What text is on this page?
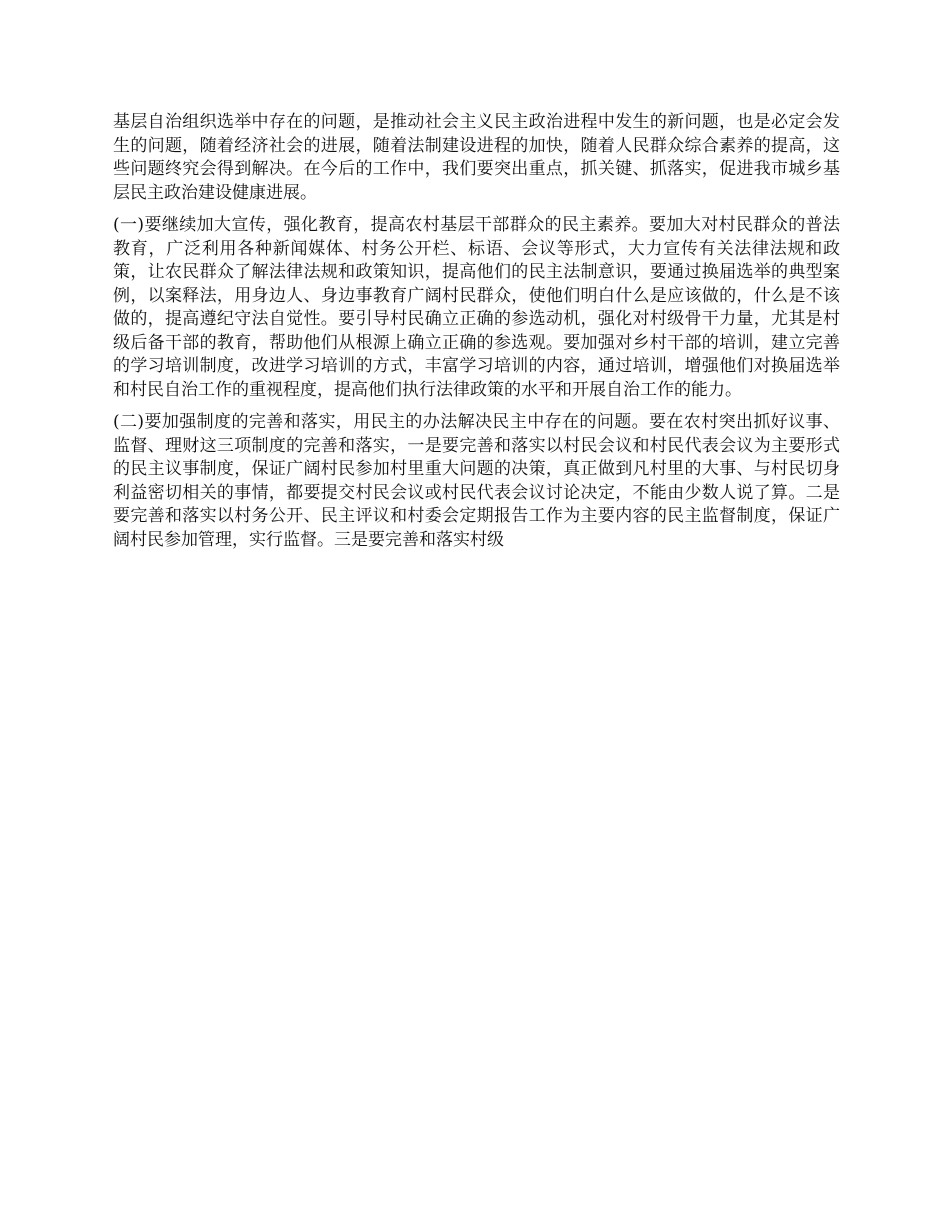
基层自治组织选举中存在的问题，是推动社会主义民主政治进程中发生的新问题，也是必定会发生的问题，随着经济社会的进展，随着法制建设进程的加快，随着人民群众综合素养的提高，这些问题终究会得到解决。在今后的工作中，我们要突出重点，抓关键、抓落实，促进我市城乡基层民主政治建设健康进展。

(一)要继续加大宣传，强化教育，提高农村基层干部群众的民主素养。要加大对村民群众的普法教育，广泛利用各种新闻媒体、村务公开栏、标语、会议等形式，大力宣传有关法律法规和政策，让农民群众了解法律法规和政策知识，提高他们的民主法制意识，要通过换届选举的典型案例，以案释法，用身边人、身边事教育广阔村民群众，使他们明白什么是应该做的，什么是不该做的，提高遵纪守法自觉性。要引导村民确立正确的参选动机，强化对村级骨干力量，尤其是村级后备干部的教育，帮助他们从根源上确立正确的参选观。要加强对乡村干部的培训，建立完善的学习培训制度，改进学习培训的方式，丰富学习培训的内容，通过培训，增强他们对换届选举和村民自治工作的重视程度，提高他们执行法律政策的水平和开展自治工作的能力。

(二)要加强制度的完善和落实，用民主的办法解决民主中存在的问题。要在农村突出抓好议事、监督、理财这三项制度的完善和落实，一是要完善和落实以村民会议和村民代表会议为主要形式的民主议事制度，保证广阔村民参加村里重大问题的决策，真正做到凡村里的大事、与村民切身利益密切相关的事情，都要提交村民会议或村民代表会议讨论决定，不能由少数人说了算。二是要完善和落实以村务公开、民主评议和村委会定期报告工作为主要内容的民主监督制度，保证广阔村民参加管理，实行监督。三是要完善和落实村级
